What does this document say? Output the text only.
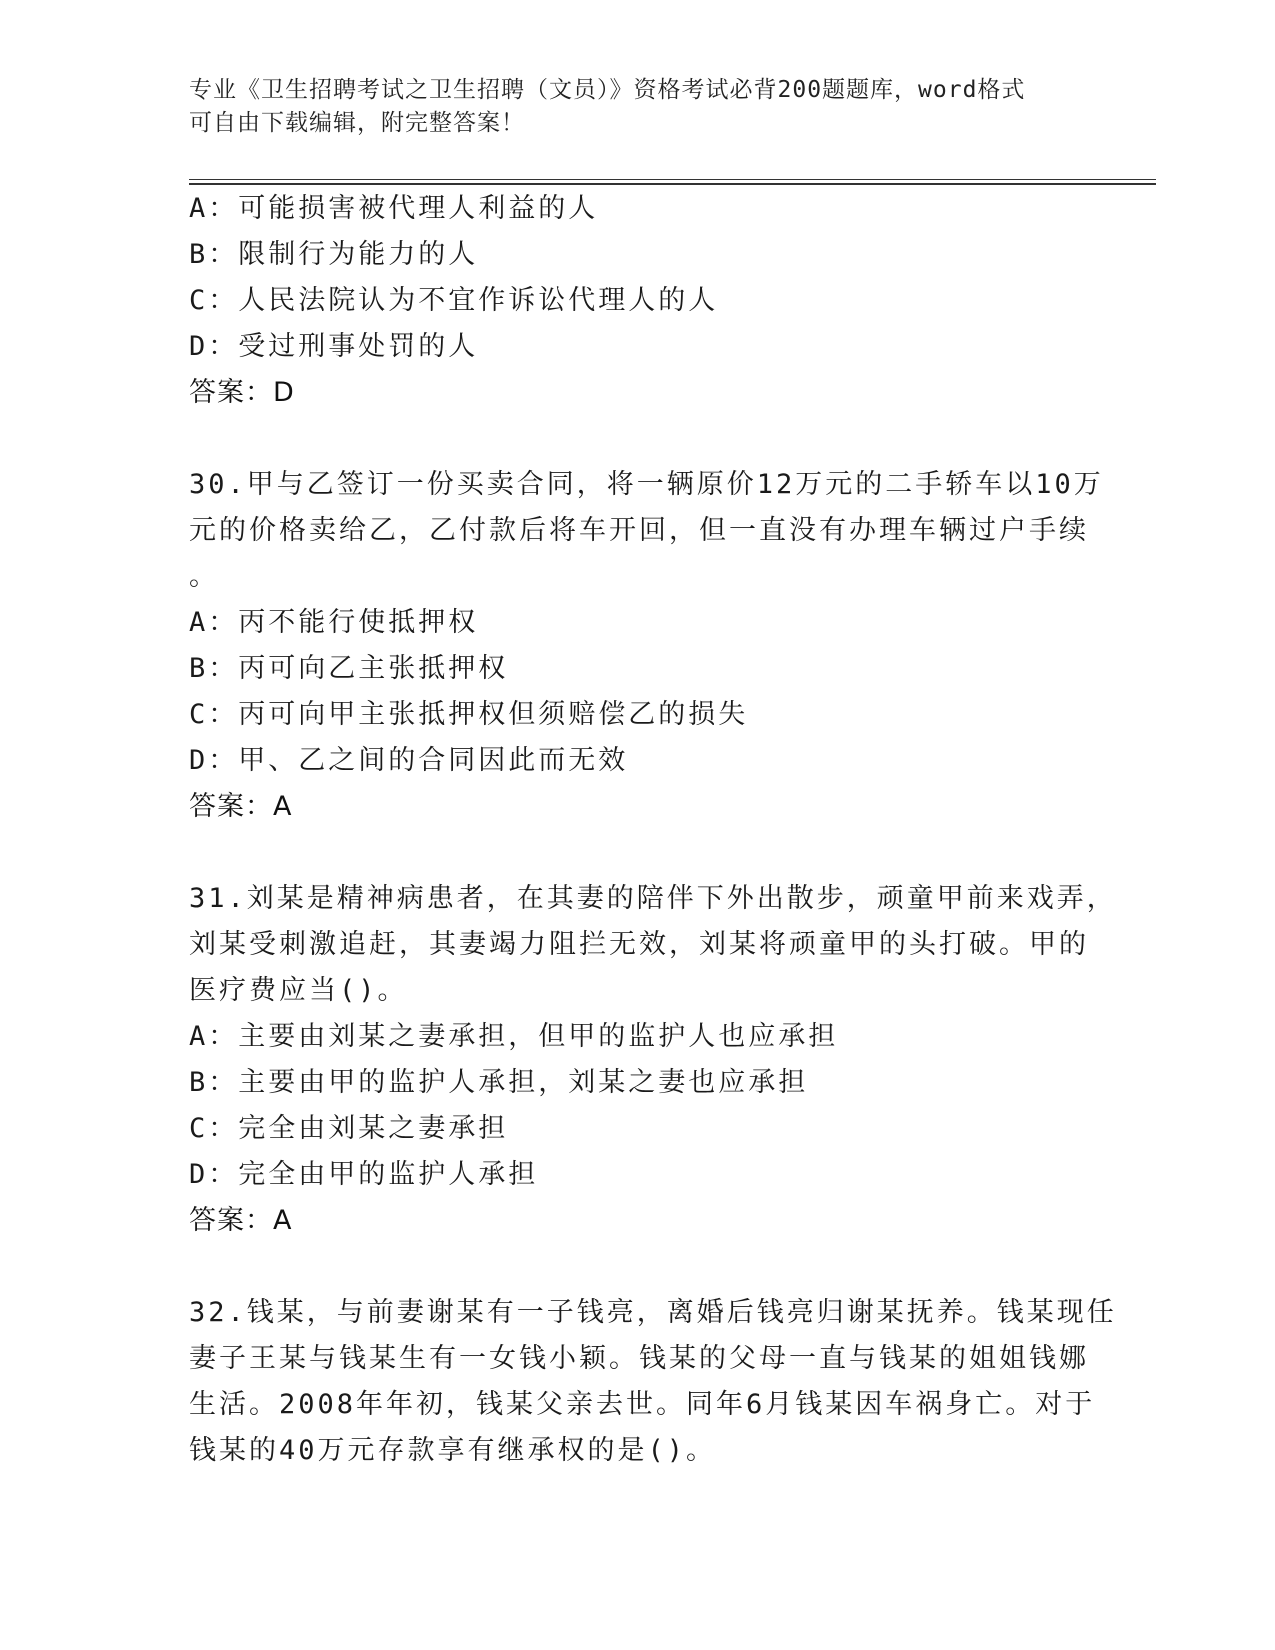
专业《卫生招聘考试之卫生招聘（文员）》资格考试必背200题题库，word格式
可自由下载编辑，附完整答案！
A：可能损害被代理人利益的人
B：限制行为能力的人
C：人民法院认为不宜作诉讼代理人的人
D：受过刑事处罚的人
答案：D
30.甲与乙签订一份买卖合同，将一辆原价12万元的二手轿车以10万
元的价格卖给乙，乙付款后将车开回，但一直没有办理车辆过户手续
。
A：丙不能行使抵押权
B：丙可向乙主张抵押权
C：丙可向甲主张抵押权但须赔偿乙的损失
D：甲、乙之间的合同因此而无效
答案：A
31.刘某是精神病患者，在其妻的陪伴下外出散步，顽童甲前来戏弄，
刘某受刺激追赶，其妻竭力阻拦无效，刘某将顽童甲的头打破。甲的
医疗费应当()。
A：主要由刘某之妻承担，但甲的监护人也应承担
B：主要由甲的监护人承担，刘某之妻也应承担
C：完全由刘某之妻承担
D：完全由甲的监护人承担
答案：A
32.钱某，与前妻谢某有一子钱亮，离婚后钱亮归谢某抚养。钱某现任
妻子王某与钱某生有一女钱小颖。钱某的父母一直与钱某的姐姐钱娜
生活。2008年年初，钱某父亲去世。同年6月钱某因车祸身亡。对于
钱某的40万元存款享有继承权的是()。
